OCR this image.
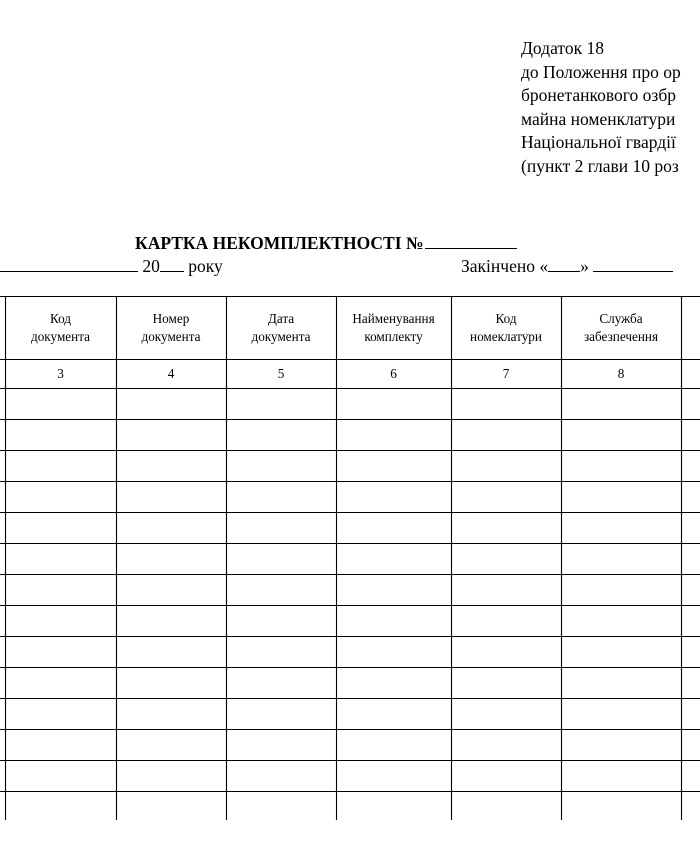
Додаток 18
до Положення про ор
бронетанкового озбр
майна номенклатури
Національної гвардії
(пункт 2 глави 10 роз
КАРТКА НЕКОМПЛЕКТНОСТІ №
20 року	Закінчено « »
Код
документа
3
Номер
документа
4
Дата
документа
5
Найменування
комплекту
6
Код
номеклатури
7
Служба
забезпечення
8
